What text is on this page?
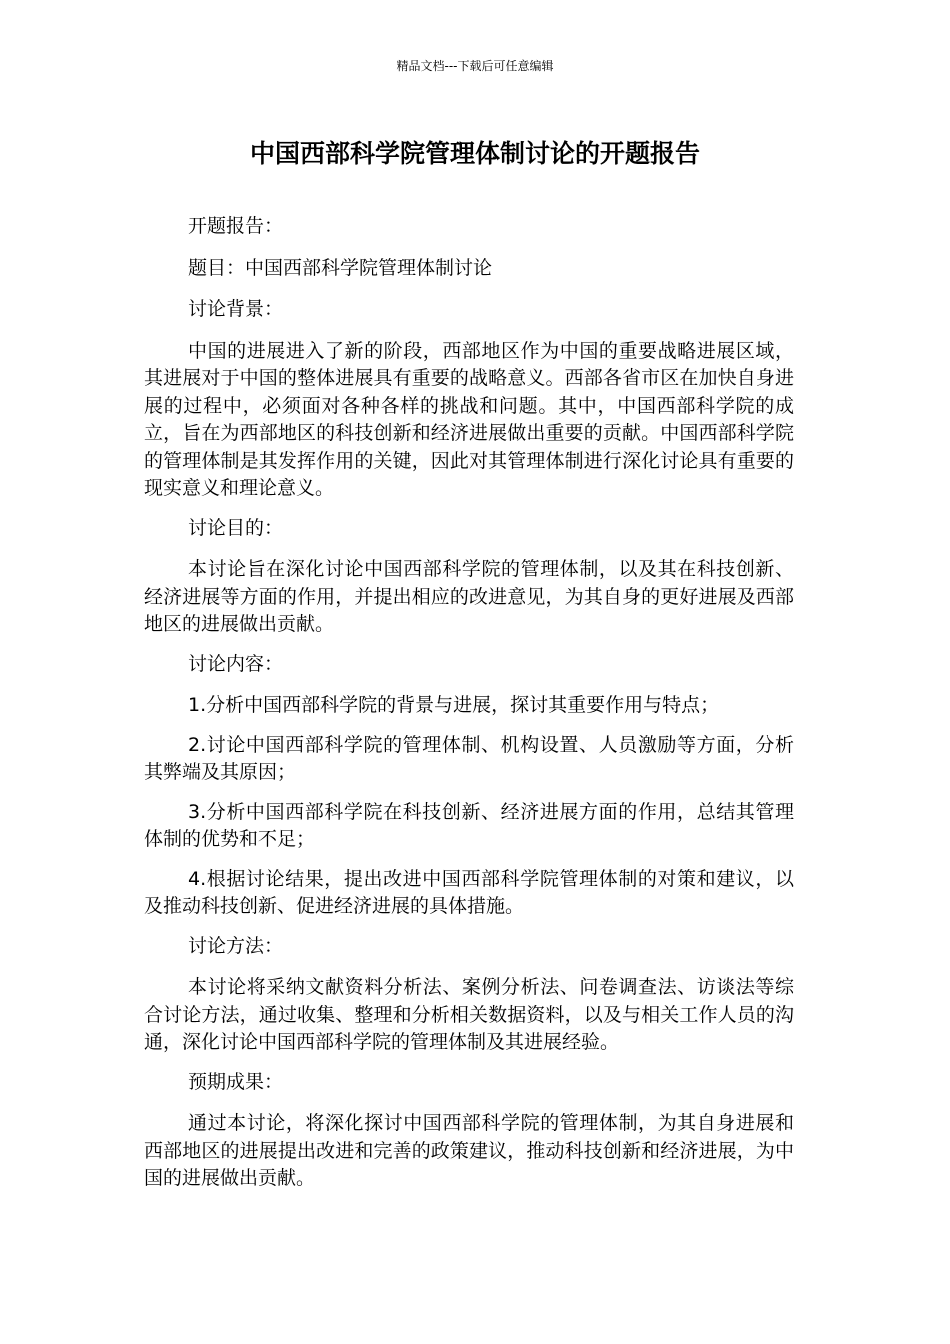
精品文档---下载后可任意编辑
中国西部科学院管理体制讨论的开题报告

开题报告：

题目：中国西部科学院管理体制讨论

讨论背景：

中国的进展进入了新的阶段，西部地区作为中国的重要战略进展区域，其进展对于中国的整体进展具有重要的战略意义。西部各省市区在加快自身进展的过程中，必须面对各种各样的挑战和问题。其中，中国西部科学院的成立，旨在为西部地区的科技创新和经济进展做出重要的贡献。中国西部科学院的管理体制是其发挥作用的关键，因此对其管理体制进行深化讨论具有重要的现实意义和理论意义。

讨论目的：

本讨论旨在深化讨论中国西部科学院的管理体制，以及其在科技创新、经济进展等方面的作用，并提出相应的改进意见，为其自身的更好进展及西部地区的进展做出贡献。

讨论内容：

1.分析中国西部科学院的背景与进展，探讨其重要作用与特点；

2.讨论中国西部科学院的管理体制、机构设置、人员激励等方面，分析其弊端及其原因；

3.分析中国西部科学院在科技创新、经济进展方面的作用，总结其管理体制的优势和不足；

4.根据讨论结果，提出改进中国西部科学院管理体制的对策和建议，以及推动科技创新、促进经济进展的具体措施。

讨论方法：

本讨论将采纳文献资料分析法、案例分析法、问卷调查法、访谈法等综合讨论方法，通过收集、整理和分析相关数据资料，以及与相关工作人员的沟通，深化讨论中国西部科学院的管理体制及其进展经验。

预期成果：

通过本讨论，将深化探讨中国西部科学院的管理体制，为其自身进展和西部地区的进展提出改进和完善的政策建议，推动科技创新和经济进展，为中国的进展做出贡献。
